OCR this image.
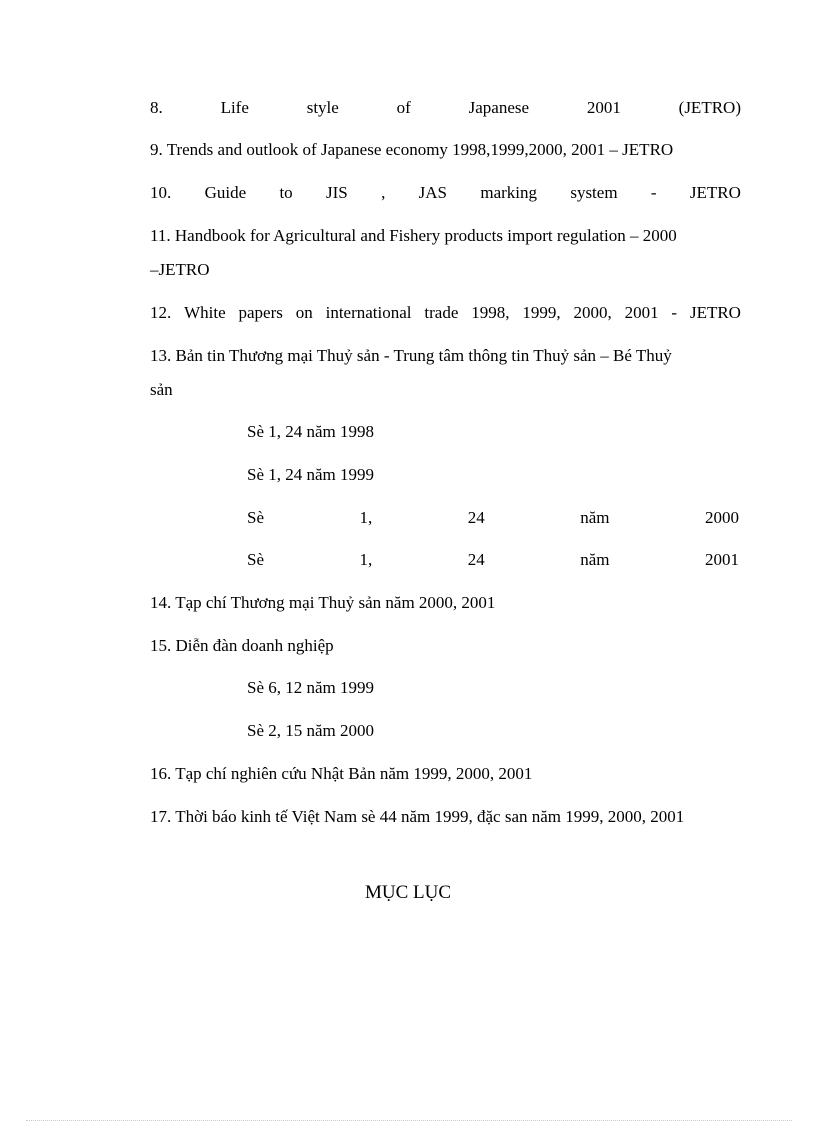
8.	Life	style	of	Japanese	2001	(JETRO)
9. Trends and outlook of Japanese economy 1998,1999,2000, 2001 – JETRO
10. Guide to JIS , JAS marking system - JETRO
11. Handbook for Agricultural and Fishery products import regulation – 2000
–JETRO
12. White papers on international trade 1998, 1999, 2000, 2001 - JETRO
13. Bản tin Thương mại Thuỷ sản - Trung tâm thông tin Thuỷ sản – Bé Thuỷ
sản
Sè 1, 24 năm 1998
Sè 1, 24 năm 1999
Sè	1,	24	năm	2000
Sè	1,	24	năm	2001
14. Tạp chí Thương mại Thuỷ sản năm 2000, 2001
15. Diễn đàn doanh nghiệp
Sè 6, 12 năm 1999
Sè 2, 15 năm 2000
16. Tạp chí nghiên cứu Nhật Bản năm 1999, 2000, 2001
17. Thời báo kinh tế Việt Nam sè 44 năm 1999, đặc san năm 1999, 2000, 2001
MỤC LỤC
